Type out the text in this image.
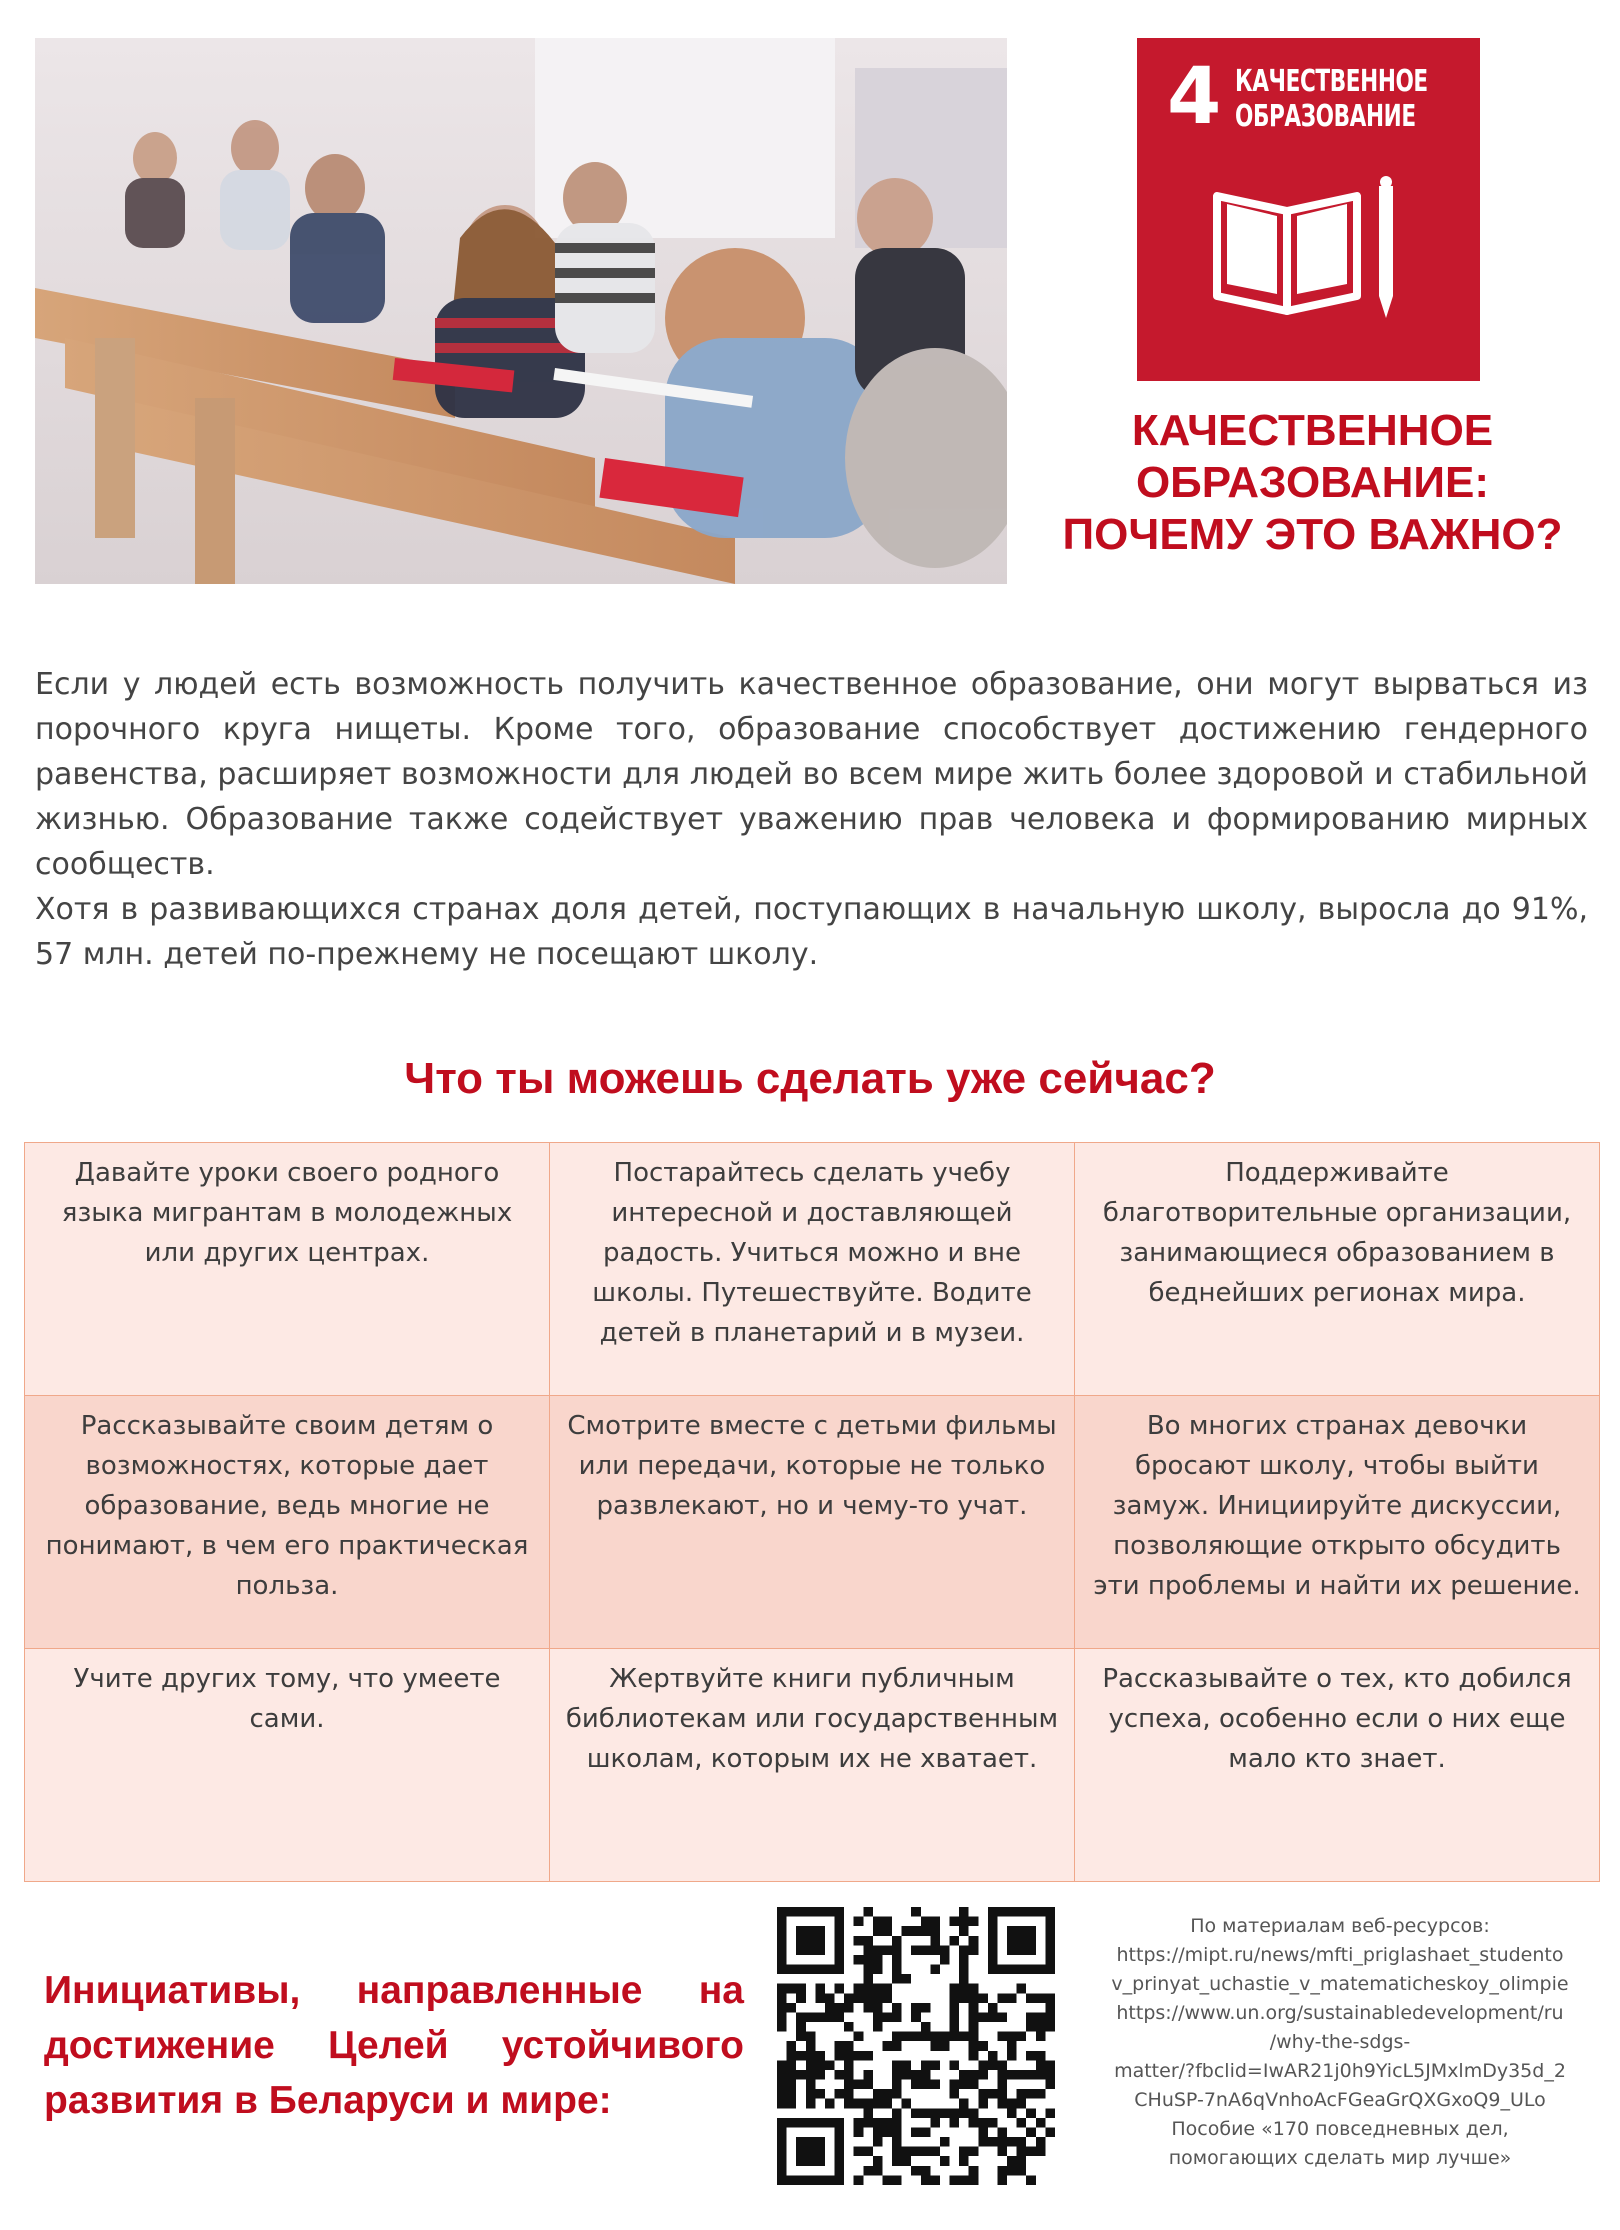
4 КАЧЕСТВЕННОЕ
ОБРАЗОВАНИЕ
КАЧЕСТВЕННОЕ
ОБРАЗОВАНИЕ:
ПОЧЕМУ ЭТО ВАЖНО?

Если у людей есть возможность получить качественное образование, они могут вырваться из порочного круга нищеты. Кроме того, образование способствует достижению гендерного равенства, расширяет возможности для людей во всем мире жить более здоровой и стабильной жизнью. Образование также содействует уважению прав человека и формированию мирных сообществ.

Хотя в развивающихся странах доля детей, поступающих в начальную школу, выросла до 91%, 57 млн. детей по-прежнему не посещают школу.

Что ты можешь сделать уже сейчас?
Давайте уроки своего родного языка мигрантам в молодежных или других центрах.	Постарайтесь сделать учебу интересной и доставляющей радость. Учиться можно и вне школы. Путешествуйте. Водите детей в планетарий и в музеи.	Поддерживайте благотворительные организации, занимающиеся образованием в беднейших регионах мира.
Рассказывайте своим детям о возможностях, которые дает образование, ведь многие не понимают, в чем его практическая польза.	Смотрите вместе с детьми фильмы или передачи, которые не только развлекают, но и чему-то учат.	Во многих странах девочки бросают школу, чтобы выйти замуж. Инициируйте дискуссии, позволяющие открыто обсудить эти проблемы и найти их решение.
Учите других тому, что умеете сами.	Жертвуйте книги публичным библиотекам или государственным школам, которым их не хватает.	Рассказывайте о тех, кто добился успеха, особенно если о них еще мало кто знает.
Инициативы, направленные на
достижение Целей устойчивого
развития в Беларуси и мире:
По материалам веб-ресурсов:
https://mipt.ru/news/mfti_priglashaet_studento
v_prinyat_uchastie_v_matematicheskoy_olimpie
https://www.un.org/sustainabledevelopment/ru
/why-the-sdgs-
matter/?fbclid=IwAR21j0h9YicL5JMxlmDy35d_2
CHuSP-7nA6qVnhoAcFGeaGrQXGxoQ9_ULo
Пособие «170 повседневных дел,
помогающих сделать мир лучше»
